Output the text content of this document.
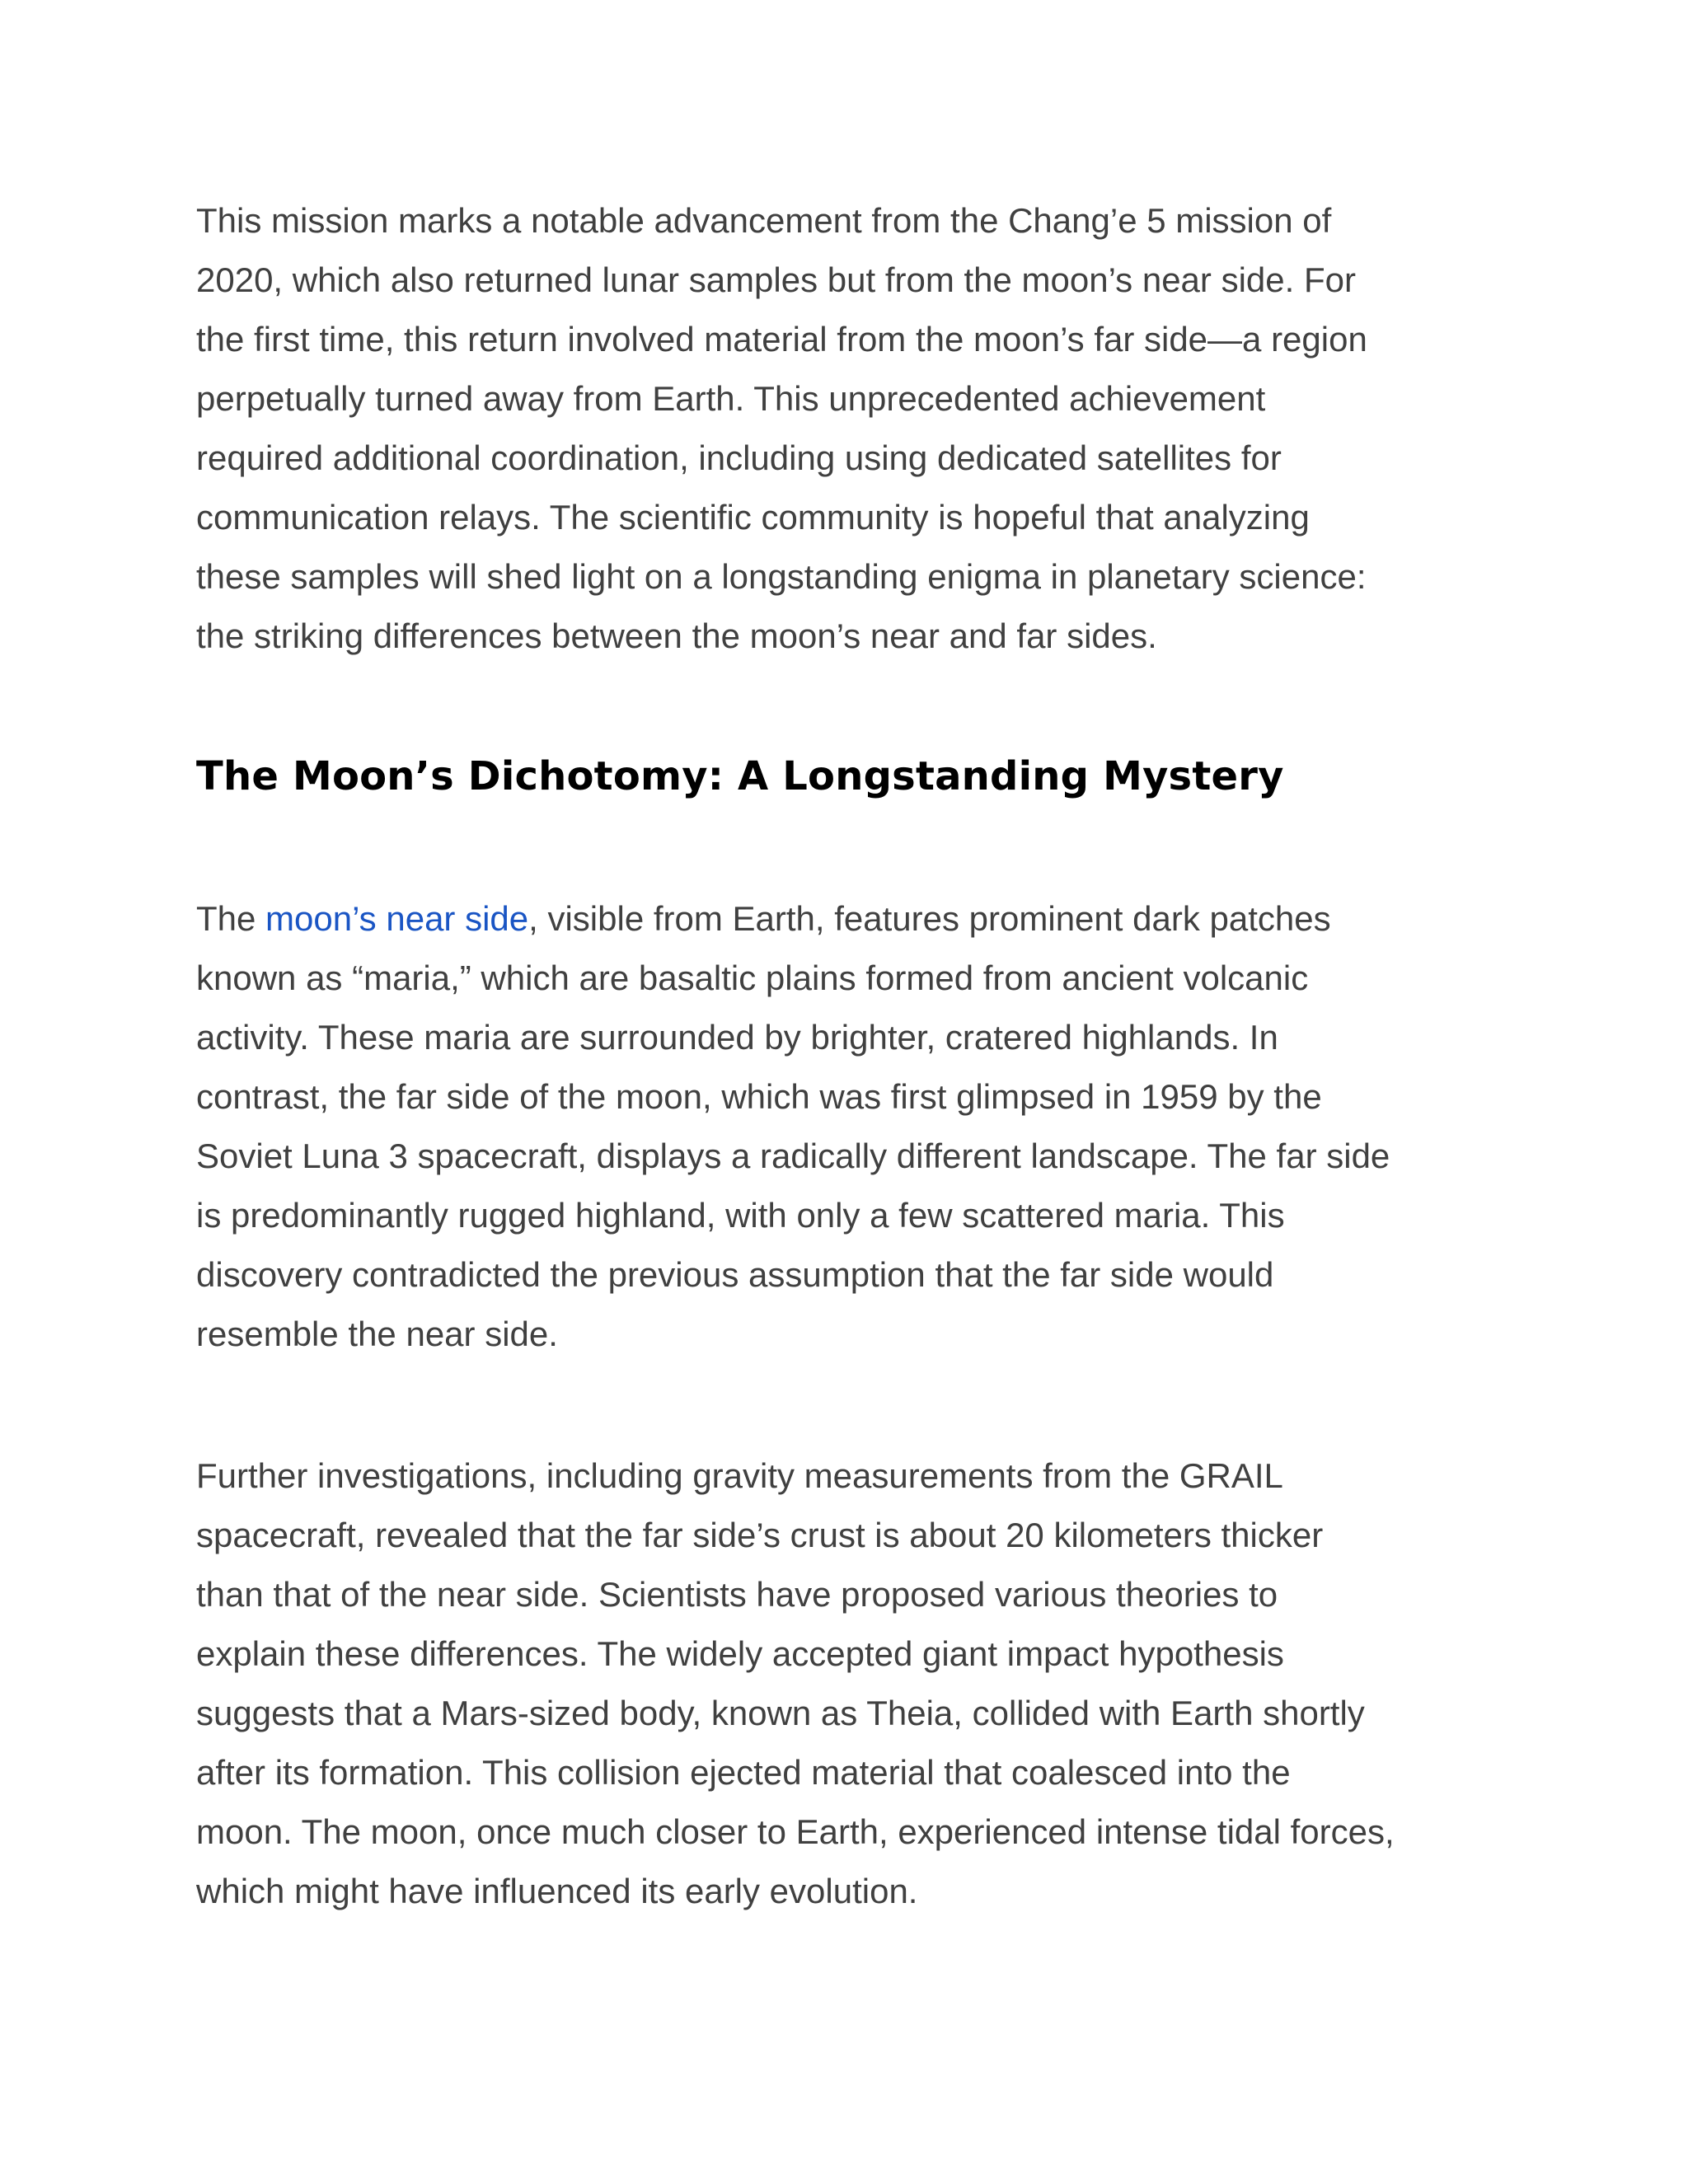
This mission marks a notable advancement from the Chang’e 5 mission of
2020, which also returned lunar samples but from the moon’s near side. For
the first time, this return involved material from the moon’s far side—a region
perpetually turned away from Earth. This unprecedented achievement
required additional coordination, including using dedicated satellites for
communication relays. The scientific community is hopeful that analyzing
these samples will shed light on a longstanding enigma in planetary science:
the striking differences between the moon’s near and far sides.

The Moon’s Dichotomy: A Longstanding Mystery

The moon’s near side, visible from Earth, features prominent dark patches
known as “maria,” which are basaltic plains formed from ancient volcanic
activity. These maria are surrounded by brighter, cratered highlands. In
contrast, the far side of the moon, which was first glimpsed in 1959 by the
Soviet Luna 3 spacecraft, displays a radically different landscape. The far side
is predominantly rugged highland, with only a few scattered maria. This
discovery contradicted the previous assumption that the far side would
resemble the near side.

Further investigations, including gravity measurements from the GRAIL
spacecraft, revealed that the far side’s crust is about 20 kilometers thicker
than that of the near side. Scientists have proposed various theories to
explain these differences. The widely accepted giant impact hypothesis
suggests that a Mars-sized body, known as Theia, collided with Earth shortly
after its formation. This collision ejected material that coalesced into the
moon. The moon, once much closer to Earth, experienced intense tidal forces,
which might have influenced its early evolution.
